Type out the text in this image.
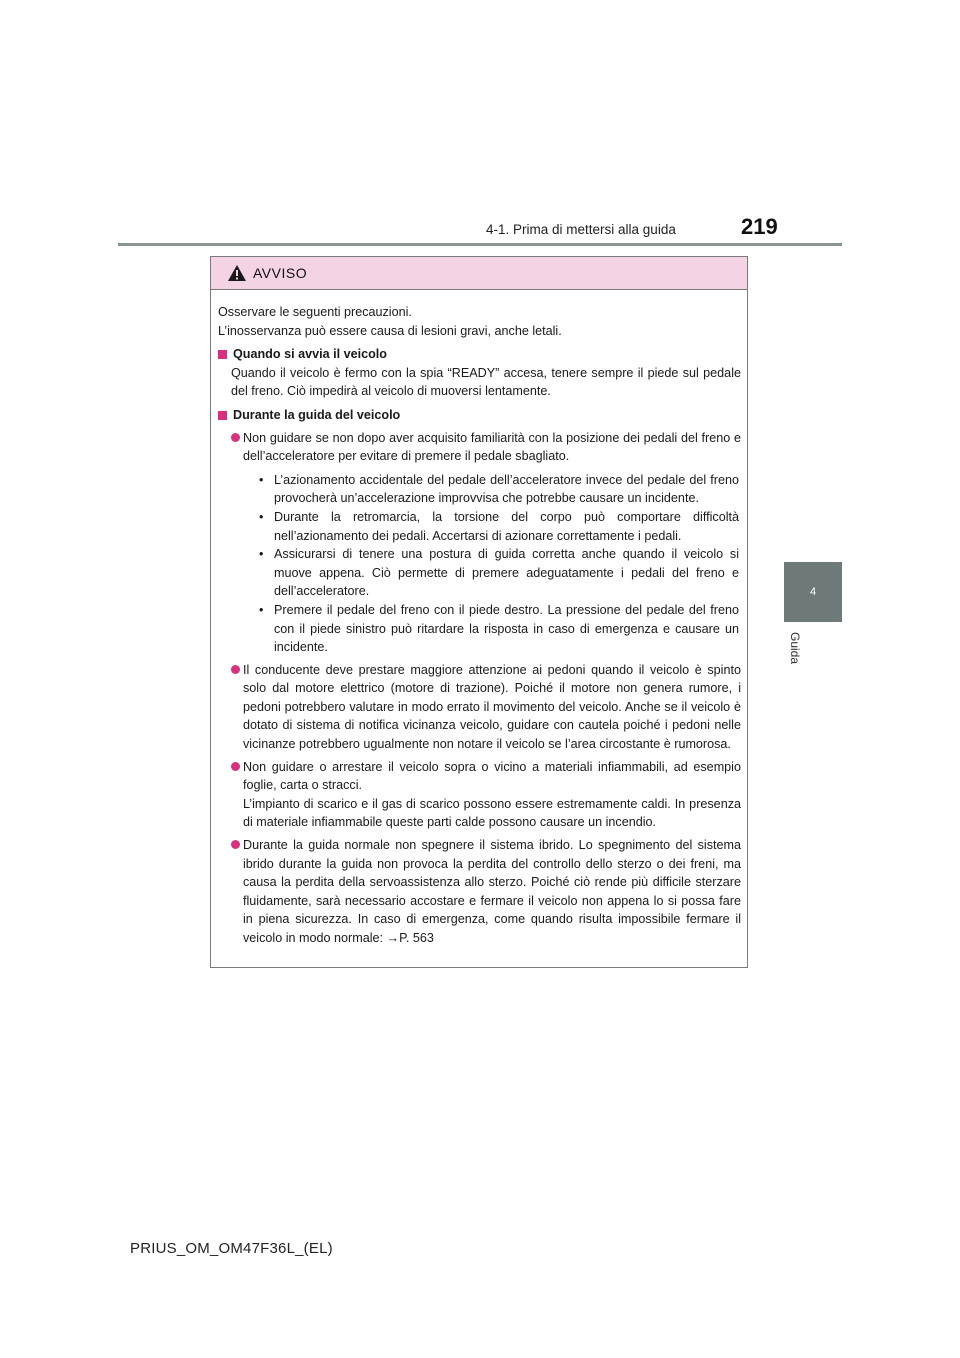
4-1. Prima di mettersi alla guida	219
4
Guida
AVVISO

Osservare le seguenti precauzioni.

L’inosservanza può essere causa di lesioni gravi, anche letali.

Quando si avvia il veicolo

Quando il veicolo è fermo con la spia “READY” accesa, tenere sempre il piede sul pedale del freno. Ciò impedirà al veicolo di muoversi lentamente.

Durante la guida del veicolo

Non guidare se non dopo aver acquisito familiarità con la posizione dei pedali del freno e dell’acceleratore per evitare di premere il pedale sbagliato.

• L’azionamento accidentale del pedale dell’acceleratore invece del pedale del freno provocherà un’accelerazione improvvisa che potrebbe causare un incidente.
• Durante la retromarcia, la torsione del corpo può comportare difficoltà nell’azionamento dei pedali. Accertarsi di azionare correttamente i pedali.
• Assicurarsi di tenere una postura di guida corretta anche quando il veicolo si muove appena. Ciò permette di premere adeguatamente i pedali del freno e dell’acceleratore.
• Premere il pedale del freno con il piede destro. La pressione del pedale del freno con il piede sinistro può ritardare la risposta in caso di emergenza e causare un incidente.

Il conducente deve prestare maggiore attenzione ai pedoni quando il veicolo è spinto solo dal motore elettrico (motore di trazione). Poiché il motore non genera rumore, i pedoni potrebbero valutare in modo errato il movimento del veicolo. Anche se il veicolo è dotato di sistema di notifica vicinanza veicolo, guidare con cautela poiché i pedoni nelle vicinanze potrebbero ugualmente non notare il veicolo se l’area circostante è rumorosa.

Non guidare o arrestare il veicolo sopra o vicino a materiali infiammabili, ad esempio foglie, carta o stracci.

L’impianto di scarico e il gas di scarico possono essere estremamente caldi. In presenza di materiale infiammabile queste parti calde possono causare un incendio.

Durante la guida normale non spegnere il sistema ibrido. Lo spegnimento del sistema ibrido durante la guida non provoca la perdita del controllo dello sterzo o dei freni, ma causa la perdita della servoassistenza allo sterzo. Poiché ciò rende più difficile sterzare fluidamente, sarà necessario accostare e fermare il veicolo non appena lo si possa fare in piena sicurezza. In caso di emergenza, come quando risulta impossibile fermare il veicolo in modo normale: →P. 563

PRIUS_OM_OM47F36L_(EL)
